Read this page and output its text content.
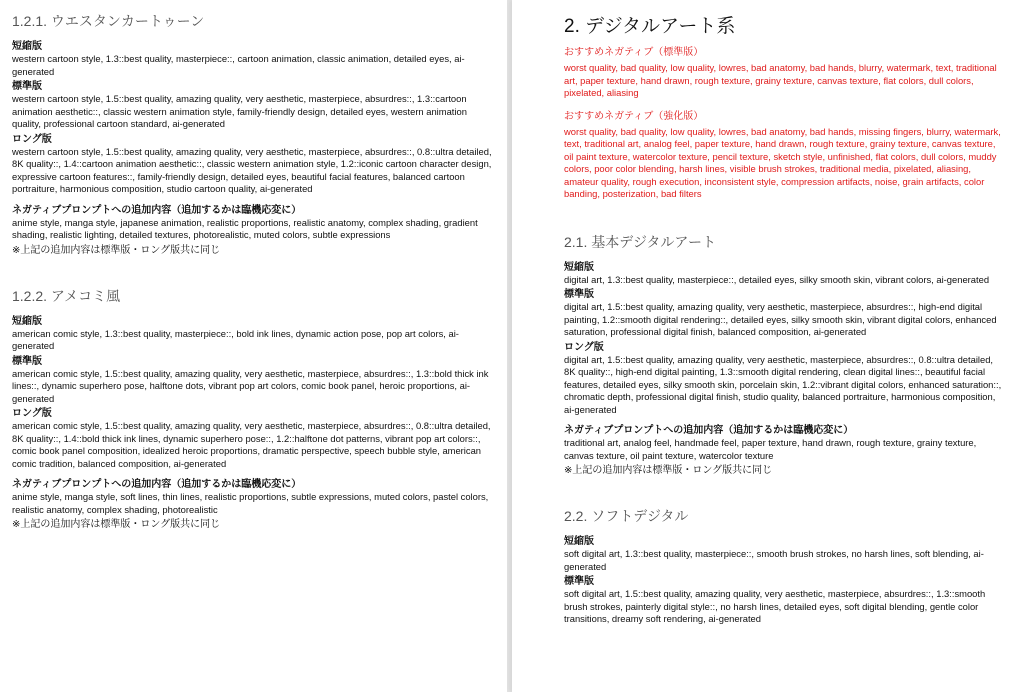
1.2.1. ウエスタンカートゥーン
短縮版
western cartoon style, 1.3::best quality, masterpiece::, cartoon animation, classic animation, detailed eyes, ai-generated
標準版
western cartoon style, 1.5::best quality, amazing quality, very aesthetic, masterpiece, absurdres::, 1.3::cartoon animation aesthetic::, classic western animation style, family-friendly design, detailed eyes, western animation quality, professional cartoon standard, ai-generated
ロング版
western cartoon style, 1.5::best quality, amazing quality, very aesthetic, masterpiece, absurdres::, 0.8::ultra detailed, 8K quality::, 1.4::cartoon animation aesthetic::, classic western animation style, 1.2::iconic cartoon character design, expressive cartoon features::, family-friendly design, detailed eyes, beautiful facial features, balanced cartoon portraiture, harmonious composition, studio cartoon quality, ai-generated
ネガティブプロンプトへの追加内容（追加するかは臨機応変に）
anime style, manga style, japanese animation, realistic proportions, realistic anatomy, complex shading, gradient shading, realistic lighting, detailed textures, photorealistic, muted colors, subtle expressions
※上記の追加内容は標準版・ロング版共に同じ
1.2.2. アメコミ風
短縮版
american comic style, 1.3::best quality, masterpiece::, bold ink lines, dynamic action pose, pop art colors, ai-generated
標準版
american comic style, 1.5::best quality, amazing quality, very aesthetic, masterpiece, absurdres::, 1.3::bold thick ink lines::, dynamic superhero pose, halftone dots, vibrant pop art colors, comic book panel, heroic proportions, ai-generated
ロング版
american comic style, 1.5::best quality, amazing quality, very aesthetic, masterpiece, absurdres::, 0.8::ultra detailed, 8K quality::, 1.4::bold thick ink lines, dynamic superhero pose::, 1.2::halftone dot patterns, vibrant pop art colors::, comic book panel composition, idealized heroic proportions, dramatic perspective, speech bubble style, american comic tradition, balanced composition, ai-generated
ネガティブプロンプトへの追加内容（追加するかは臨機応変に）
anime style, manga style, soft lines, thin lines, realistic proportions, subtle expressions, muted colors, pastel colors, realistic anatomy, complex shading, photorealistic
※上記の追加内容は標準版・ロング版共に同じ
2. デジタルアート系
おすすめネガティブ（標準版）
worst quality, bad quality, low quality, lowres, bad anatomy, bad hands, blurry, watermark, text, traditional art, paper texture, hand drawn, rough texture, grainy texture, canvas texture, flat colors, dull colors, pixelated, aliasing
おすすめネガティブ（強化版）
worst quality, bad quality, low quality, lowres, bad anatomy, bad hands, missing fingers, blurry, watermark, text, traditional art, analog feel, paper texture, hand drawn, rough texture, grainy texture, canvas texture, oil paint texture, watercolor texture, pencil texture, sketch style, unfinished, flat colors, dull colors, muddy colors, poor color blending, harsh lines, visible brush strokes, traditional media, pixelated, aliasing, amateur quality, rough execution, inconsistent style, compression artifacts, noise, grain artifacts, color banding, posterization, bad filters
2.1. 基本デジタルアート
短縮版
digital art, 1.3::best quality, masterpiece::, detailed eyes, silky smooth skin, vibrant colors, ai-generated
標準版
digital art, 1.5::best quality, amazing quality, very aesthetic, masterpiece, absurdres::, high-end digital painting, 1.2::smooth digital rendering::, detailed eyes, silky smooth skin, vibrant digital colors, enhanced saturation, professional digital finish, balanced composition, ai-generated
ロング版
digital art, 1.5::best quality, amazing quality, very aesthetic, masterpiece, absurdres::, 0.8::ultra detailed, 8K quality::, high-end digital painting, 1.3::smooth digital rendering, clean digital lines::, beautiful facial features, detailed eyes, silky smooth skin, porcelain skin, 1.2::vibrant digital colors, enhanced saturation::, chromatic depth, professional digital finish, studio quality, balanced portraiture, harmonious composition, ai-generated
ネガティブプロンプトへの追加内容（追加するかは臨機応変に）
traditional art, analog feel, handmade feel, paper texture, hand drawn, rough texture, grainy texture, canvas texture, oil paint texture, watercolor texture
※上記の追加内容は標準版・ロング版共に同じ
2.2. ソフトデジタル
短縮版
soft digital art, 1.3::best quality, masterpiece::, smooth brush strokes, no harsh lines, soft blending, ai-generated
標準版
soft digital art, 1.5::best quality, amazing quality, very aesthetic, masterpiece, absurdres::, 1.3::smooth brush strokes, painterly digital style::, no harsh lines, detailed eyes, soft digital blending, gentle color transitions, dreamy soft rendering, ai-generated
